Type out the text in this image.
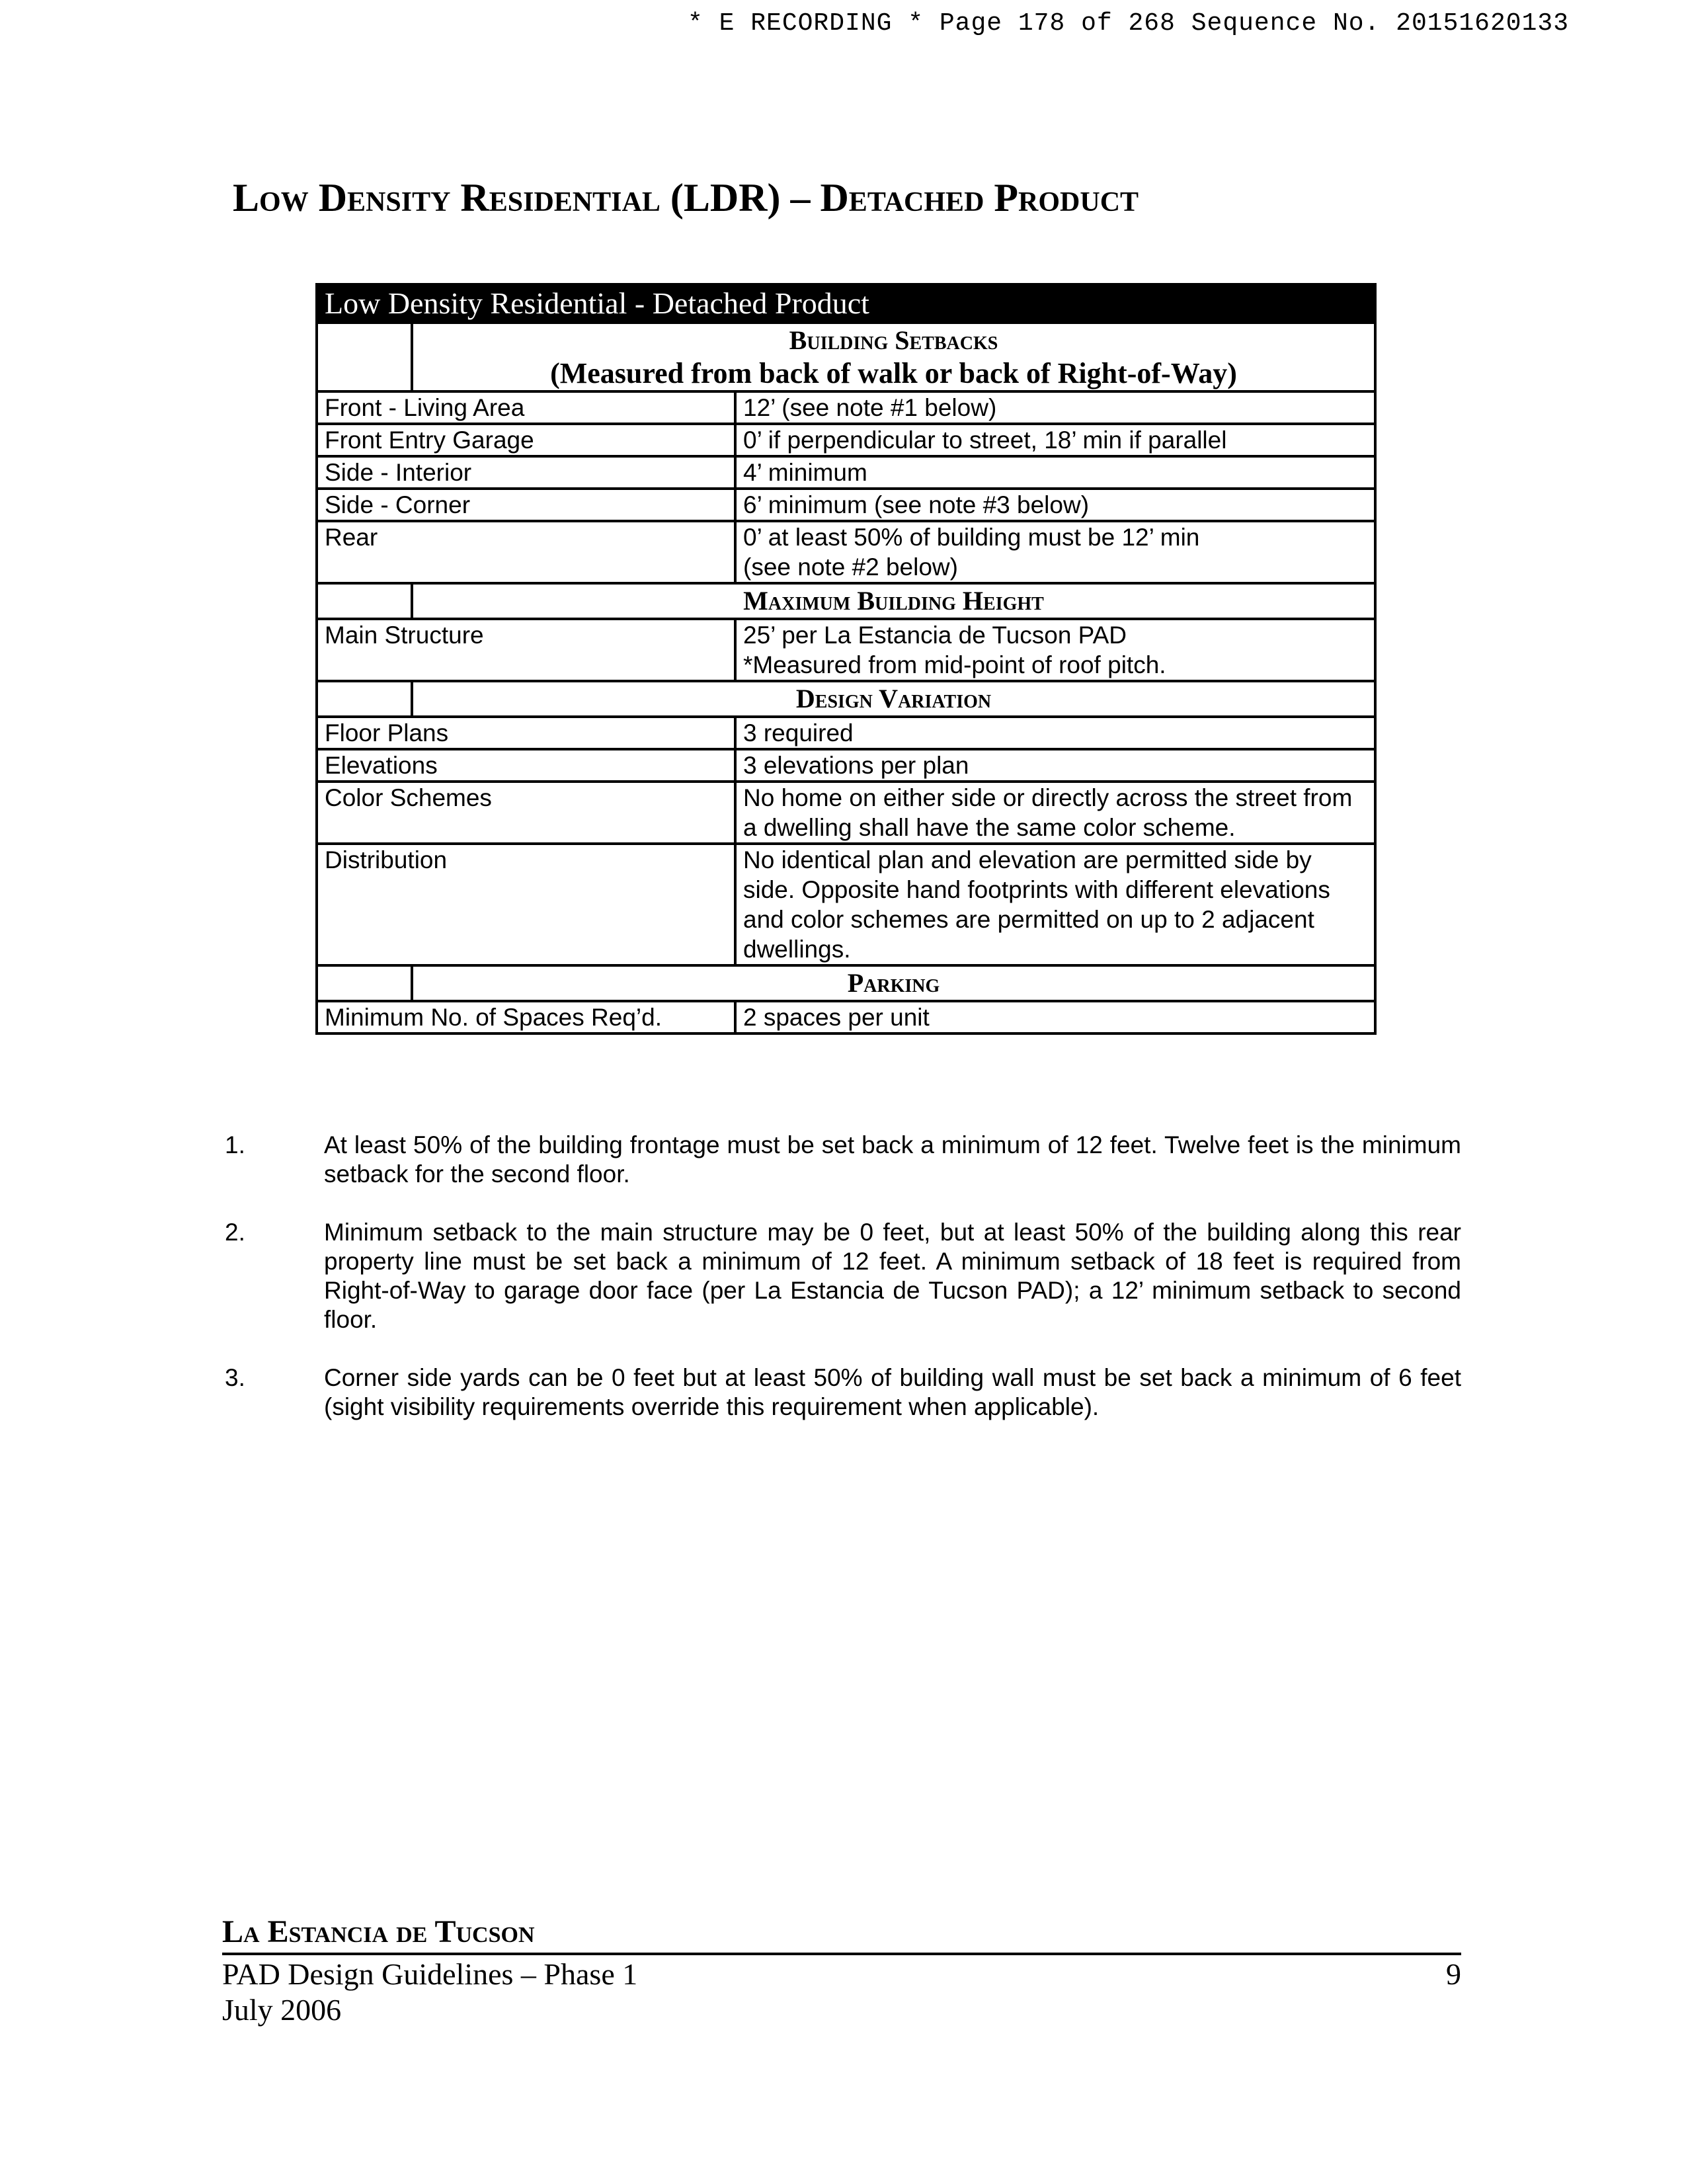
* E RECORDING * Page 178 of 268 Sequence No. 20151620133
Low Density Residential (LDR) – Detached Product
Low Density Residential - Detached Product		
	Building Setbacks
(Measured from back of walk or back of Right-of-Way)	

Front - Living Area		12’ (see note #1 below)
Front Entry Garage		0’ if perpendicular to street, 18’ min if parallel
Side - Interior		4’ minimum
Side - Corner		6’ minimum (see note #3 below)
Rear		0’ at least 50% of building must be 12’ min
(see note #2 below)

	Maximum Building Height	
Main Structure		25’ per La Estancia de Tucson PAD
*Measured from mid-point of roof pitch.

	Design Variation	
Floor Plans		3 required
Elevations		3 elevations per plan
Color Schemes		No home on either side or directly across the street from a dwelling shall have the same color scheme.
Distribution		No identical plan and elevation are permitted side by side. Opposite hand footprints with different elevations and color schemes are permitted on up to 2 adjacent dwellings.
	Parking	
Minimum No. of Spaces Req’d.		2 spaces per unit
1.	At least 50% of the building frontage must be set back a minimum of 12 feet. Twelve feet is the minimum setback for the second floor.
2.	Minimum setback to the main structure may be 0 feet, but at least 50% of the building along this rear property line must be set back a minimum of 12 feet. A minimum setback of 18 feet is required from Right-of-Way to garage door face (per La Estancia de Tucson PAD); a 12’ minimum setback to second floor.
3.	Corner side yards can be 0 feet but at least 50% of building wall must be set back a minimum of 6 feet (sight visibility requirements override this requirement when applicable).
La Estancia de Tucson
PAD Design Guidelines – Phase 1	9
July 2006
